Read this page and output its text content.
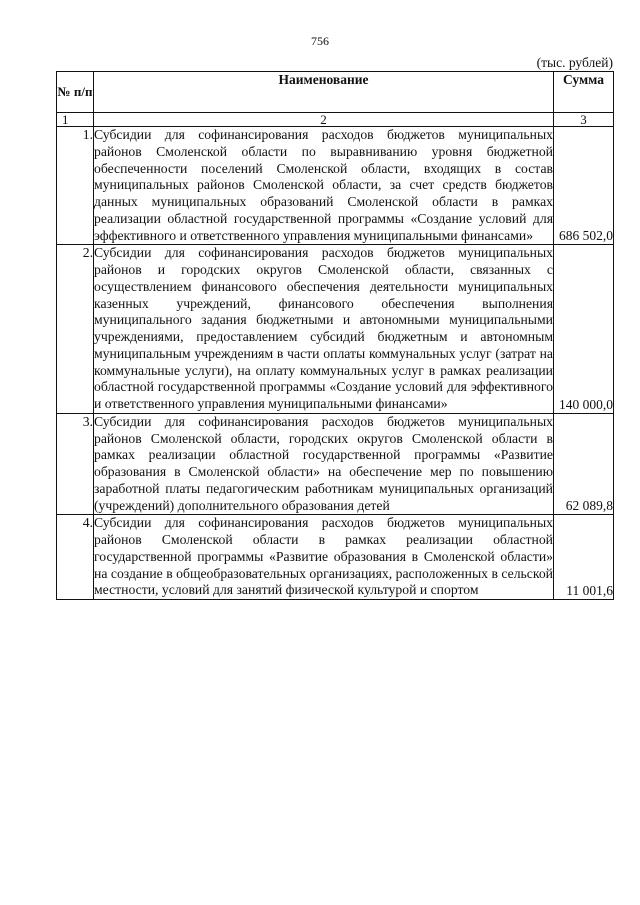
756
(тыс. рублей)
№ п/п	Наименование	Сумма
1	2	3
1.	Субсидии для софинансирования расходов бюджетов муниципальных районов Смоленской области по выравниванию уровня бюджетной обеспеченности поселений Смоленской области, входящих в состав муниципальных районов Смоленской области, за счет средств бюджетов данных муниципальных образований Смоленской области в рамках реализации областной государственной программы «Создание условий для эффективного и ответственного управления муниципальными финансами»	686 502,0
2.	Субсидии для софинансирования расходов бюджетов муниципальных районов и городских округов Смоленской области, связанных с осуществлением финансового обеспечения деятельности муниципальных казенных учреждений, финансового обеспечения выполнения муниципального задания бюджетными и автономными муниципальными учреждениями, предоставлением субсидий бюджетным и автономным муниципальным учреждениям в части оплаты коммунальных услуг (затрат на коммунальные услуги), на оплату коммунальных услуг в рамках реализации областной государственной программы «Создание условий для эффективного и ответственного управления муниципальными финансами»	140 000,0
3.	Субсидии для софинансирования расходов бюджетов муниципальных районов Смоленской области, городских округов Смоленской области в рамках реализации областной государственной программы «Развитие образования в Смоленской области» на обеспечение мер по повышению заработной платы педагогическим работникам муниципальных организаций (учреждений) дополнительного образования детей	62 089,8
4.	Субсидии для софинансирования расходов бюджетов муниципальных районов Смоленской области в рамках реализации областной государственной программы «Развитие образования в Смоленской области» на создание в общеобразовательных организациях, расположенных в сельской местности, условий для занятий физической культурой и спортом	11 001,6
